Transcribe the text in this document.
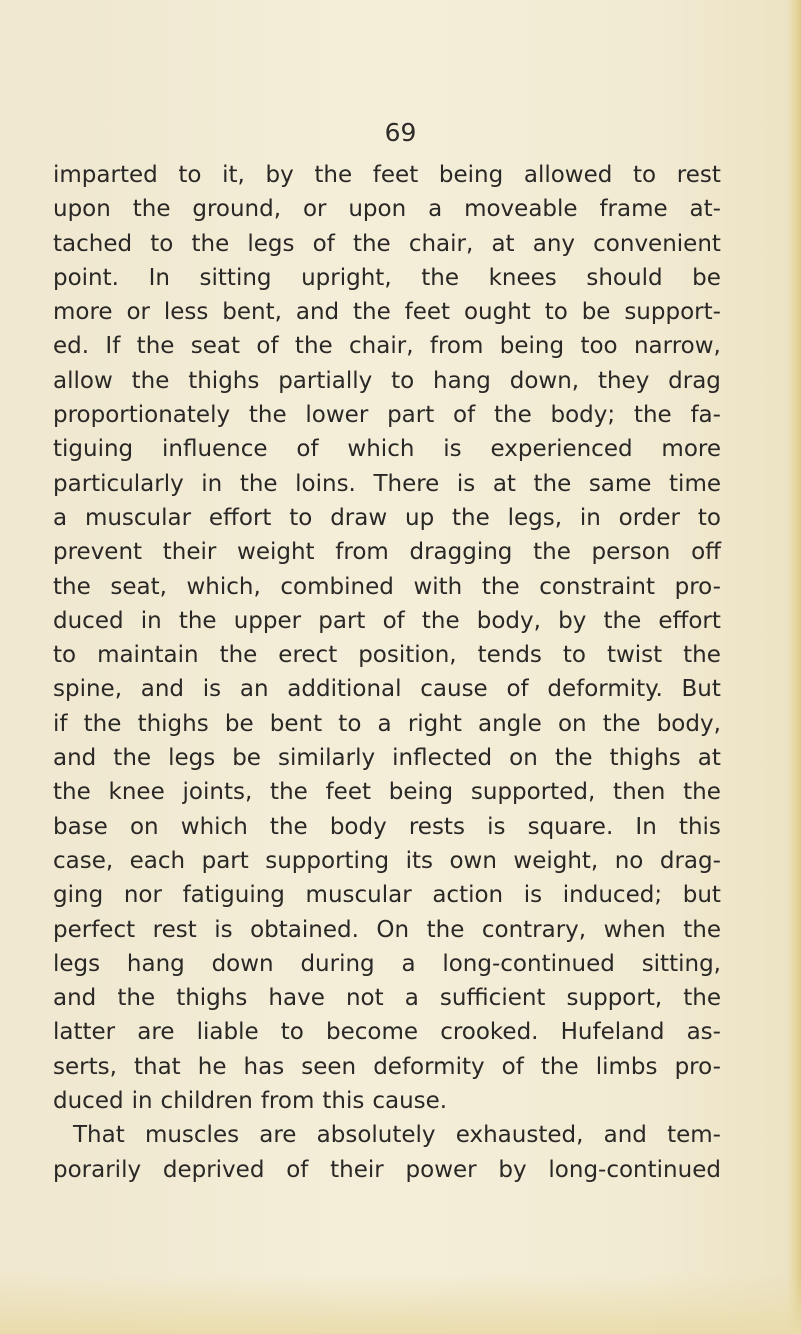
69
imparted to it, by the feet being allowed to rest
upon the ground, or upon a moveable frame at-
tached to the legs of the chair, at any convenient
point. In sitting upright, the knees should be
more or less bent, and the feet ought to be support-
ed. If the seat of the chair, from being too narrow,
allow the thighs partially to hang down, they drag
proportionately the lower part of the body; the fa-
tiguing influence of which is experienced more
particularly in the loins. There is at the same time
a muscular effort to draw up the legs, in order to
prevent their weight from dragging the person off
the seat, which, combined with the constraint pro-
duced in the upper part of the body, by the effort
to maintain the erect position, tends to twist the
spine, and is an additional cause of deformity. But
if the thighs be bent to a right angle on the body,
and the legs be similarly inflected on the thighs at
the knee joints, the feet being supported, then the
base on which the body rests is square. In this
case, each part supporting its own weight, no drag-
ging nor fatiguing muscular action is induced; but
perfect rest is obtained. On the contrary, when the
legs hang down during a long-continued sitting,
and the thighs have not a sufficient support, the
latter are liable to become crooked. Hufeland as-
serts, that he has seen deformity of the limbs pro-
duced in children from this cause.
That muscles are absolutely exhausted, and tem-
porarily deprived of their power by long-continued
